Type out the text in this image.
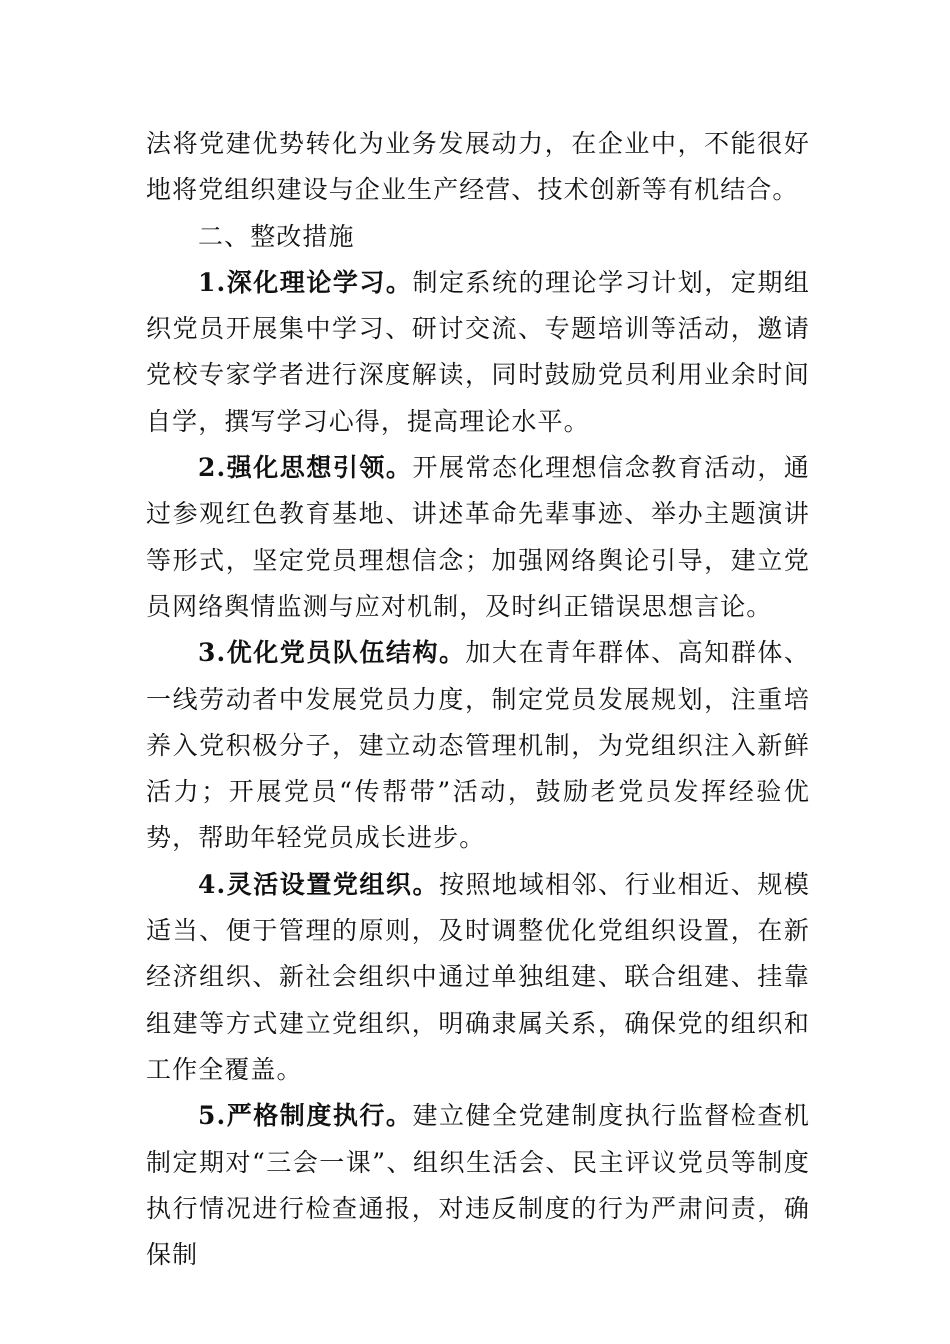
法将党建优势转化为业务发展动力，在企业中，不能很好地将党组织建设与企业生产经营、技术创新等有机结合。

二、整改措施

1.深化理论学习。制定系统的理论学习计划，定期组织党员开展集中学习、研讨交流、专题培训等活动，邀请党校专家学者进行深度解读，同时鼓励党员利用业余时间自学，撰写学习心得，提高理论水平。

2.强化思想引领。开展常态化理想信念教育活动，通过参观红色教育基地、讲述革命先辈事迹、举办主题演讲等形式，坚定党员理想信念；加强网络舆论引导，建立党员网络舆情监测与应对机制，及时纠正错误思想言论。

3.优化党员队伍结构。加大在青年群体、高知群体、一线劳动者中发展党员力度，制定党员发展规划，注重培养入党积极分子，建立动态管理机制，为党组织注入新鲜活力；开展党员“传帮带”活动，鼓励老党员发挥经验优势，帮助年轻党员成长进步。

4.灵活设置党组织。按照地域相邻、行业相近、规模适当、便于管理的原则，及时调整优化党组织设置，在新经济组织、新社会组织中通过单独组建、联合组建、挂靠组建等方式建立党组织，明确隶属关系，确保党的组织和工作全覆盖。

5.严格制度执行。建立健全党建制度执行监督检查机制定期对“三会一课”、组织生活会、民主评议党员等制度执行情况进行检查通报，对违反制度的行为严肃问责，确保制
